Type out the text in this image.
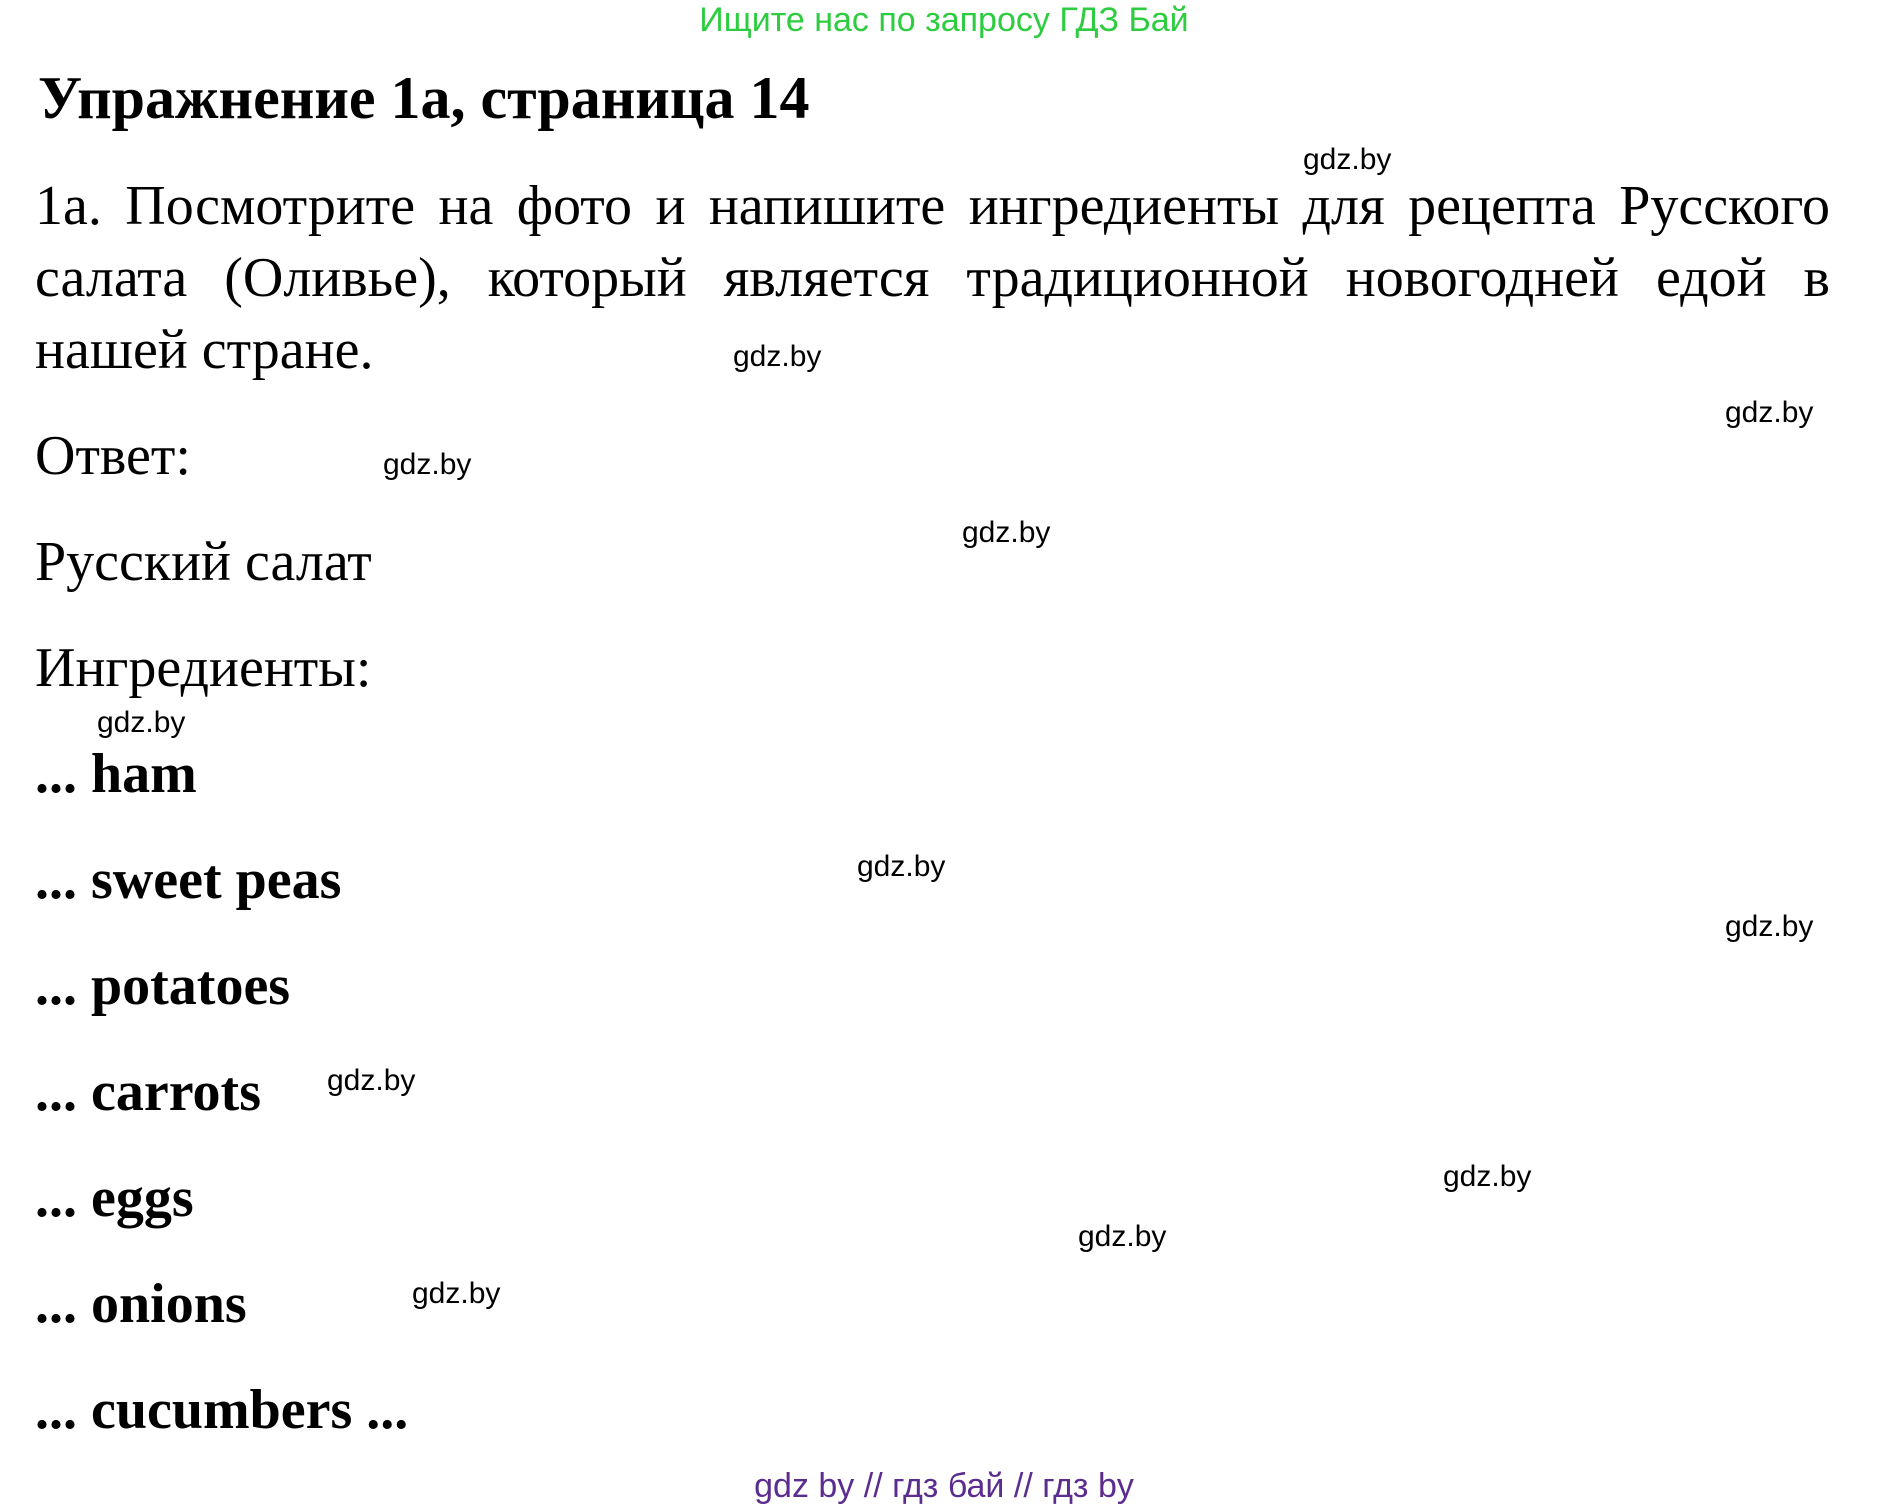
Ищите нас по запросу ГДЗ Бай
Упражнение 1а, страница 14
1a. Посмотрите на фото и напишите ингредиенты для рецепта Русского салата (Оливье), который является традиционной новогодней едой в нашей стране.
Ответ:
Русский салат
Ингредиенты:
... ham
... sweet peas
... potatoes
... carrots
... eggs
... onions
... cucumbers ...
gdz.by
gdz.by
gdz.by
gdz.by
gdz.by
gdz.by
gdz.by
gdz.by
gdz.by
gdz.by
gdz.by
gdz.by
gdz by // гдз бай // гдз by
